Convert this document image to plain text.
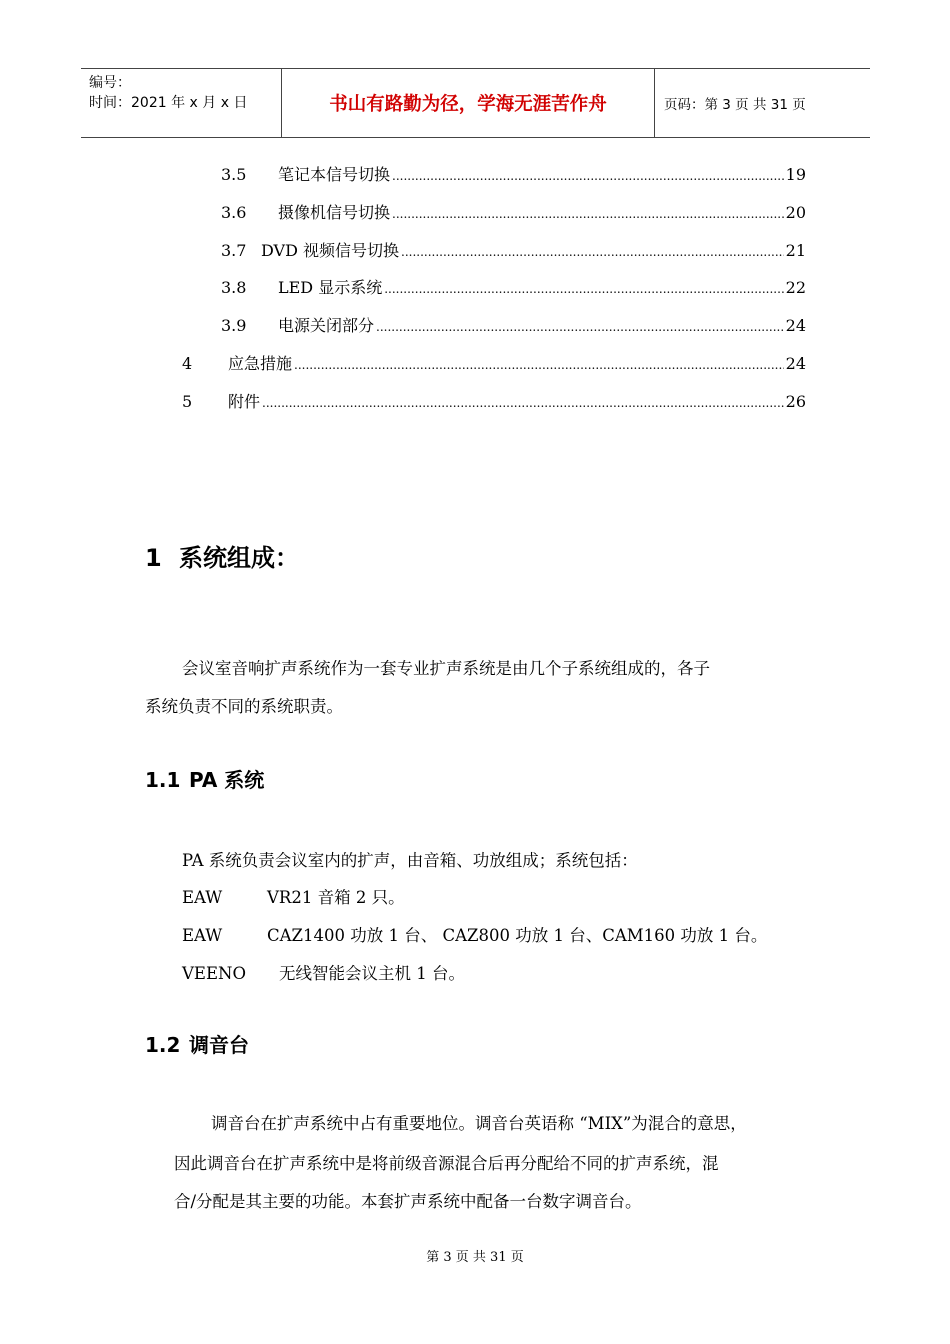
编号：
时间：2021 年 x 月 x 日	书山有路勤为径，学海无涯苦作舟	页码：第 3 页 共 31 页
3.5	笔记本信号切换 .....	19
3.6	摄像机信号切换 .....	20
3.7 DVD 视频信号切换 .....	21
3.8	LED 显示系统 .....	22
3.9	电源关闭部分 .....	24
4	应急措施 .....	24
5	附件 .....	26
1 系统组成：
会议室音响扩声系统作为一套专业扩声系统是由几个子系统组成的，各子
系统负责不同的系统职责。
1.1 PA 系统
PA 系统负责会议室内的扩声，由音箱、功放组成；系统包括：
EAW	VR21 音箱 2 只。
EAW	CAZ1400 功放 1 台、 CAZ800 功放 1 台、CAM160 功放 1 台。
VEENO 无线智能会议主机 1 台。
1.2 调音台
调音台在扩声系统中占有重要地位。调音台英语称 “MIX”为混合的意思，
因此调音台在扩声系统中是将前级音源混合后再分配给不同的扩声系统，混
合/分配是其主要的功能。本套扩声系统中配备一台数字调音台。
第 3 页 共 31 页
